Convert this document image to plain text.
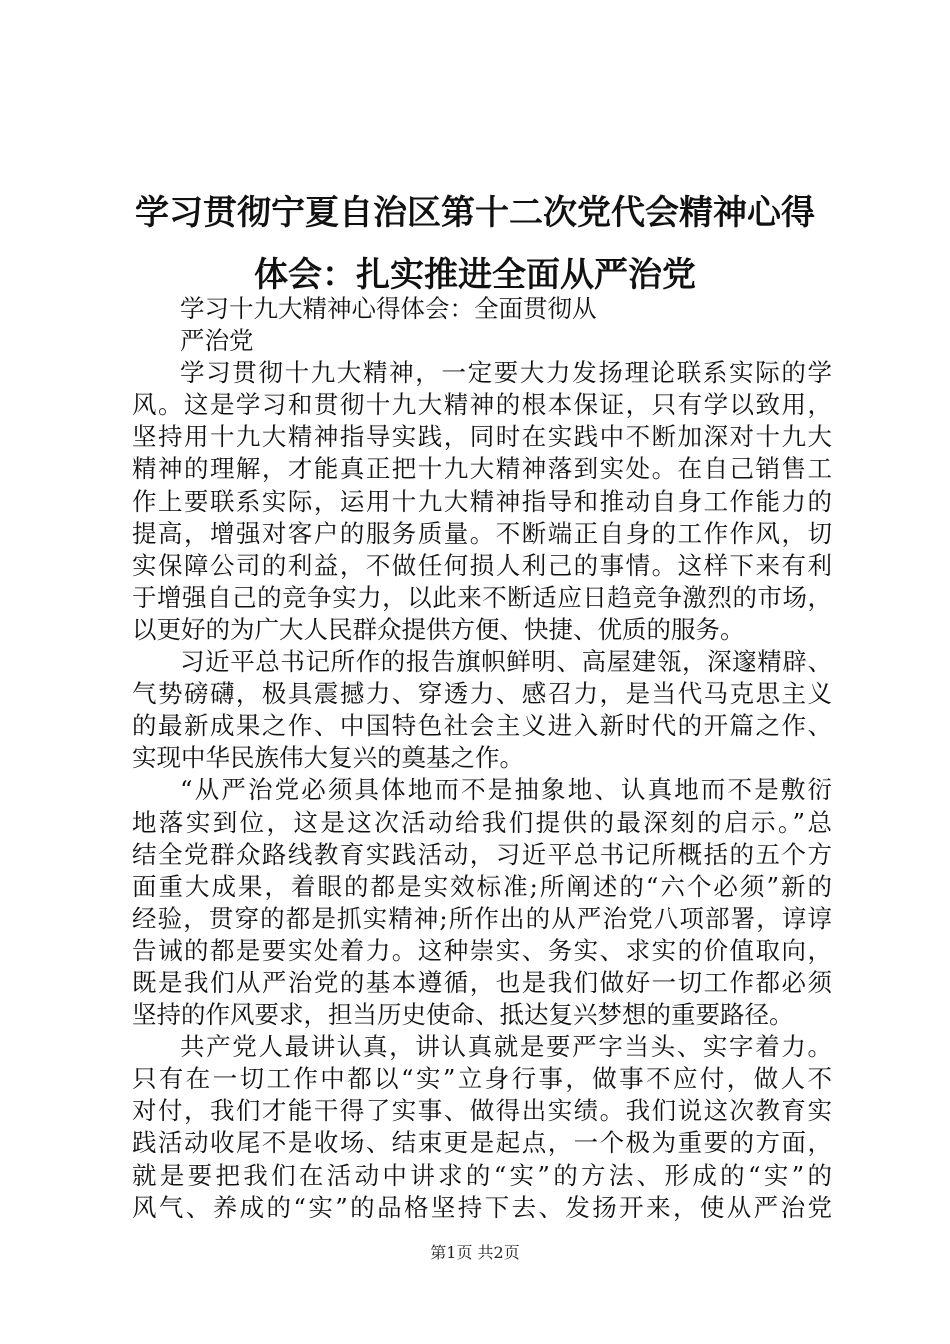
学习贯彻宁夏自治区第十二次党代会精神心得
体会：扎实推进全面从严治党
学习十九大精神心得体会：全面贯彻从
严治党
学习贯彻十九大精神，一定要大力发扬理论联系实际的学
风。这是学习和贯彻十九大精神的根本保证，只有学以致用，
坚持用十九大精神指导实践，同时在实践中不断加深对十九大
精神的理解，才能真正把十九大精神落到实处。在自己销售工
作上要联系实际，运用十九大精神指导和推动自身工作能力的
提高，增强对客户的服务质量。不断端正自身的工作作风，切
实保障公司的利益，不做任何损人利己的事情。这样下来有利
于增强自己的竞争实力，以此来不断适应日趋竞争激烈的市场，
以更好的为广大人民群众提供方便、快捷、优质的服务。
习近平总书记所作的报告旗帜鲜明、高屋建瓴，深邃精辟、
气势磅礴，极具震撼力、穿透力、感召力，是当代马克思主义
的最新成果之作、中国特色社会主义进入新时代的开篇之作、
实现中华民族伟大复兴的奠基之作。
“从严治党必须具体地而不是抽象地、认真地而不是敷衍
地落实到位，这是这次活动给我们提供的最深刻的启示。”总
结全党群众路线教育实践活动，习近平总书记所概括的五个方
面重大成果，着眼的都是实效标准;所阐述的“六个必须”新的
经验，贯穿的都是抓实精神;所作出的从严治党八项部署，谆谆
告诫的都是要实处着力。这种崇实、务实、求实的价值取向，
既是我们从严治党的基本遵循，也是我们做好一切工作都必须
坚持的作风要求，担当历史使命、抵达复兴梦想的重要路径。
共产党人最讲认真，讲认真就是要严字当头、实字着力。
只有在一切工作中都以“实”立身行事，做事不应付，做人不
对付，我们才能干得了实事、做得出实绩。我们说这次教育实
践活动收尾不是收场、结束更是起点，一个极为重要的方面，
就是要把我们在活动中讲求的“实”的方法、形成的“实”的
风气、养成的“实”的品格坚持下去、发扬开来，使从严治党
第1页 共2页
